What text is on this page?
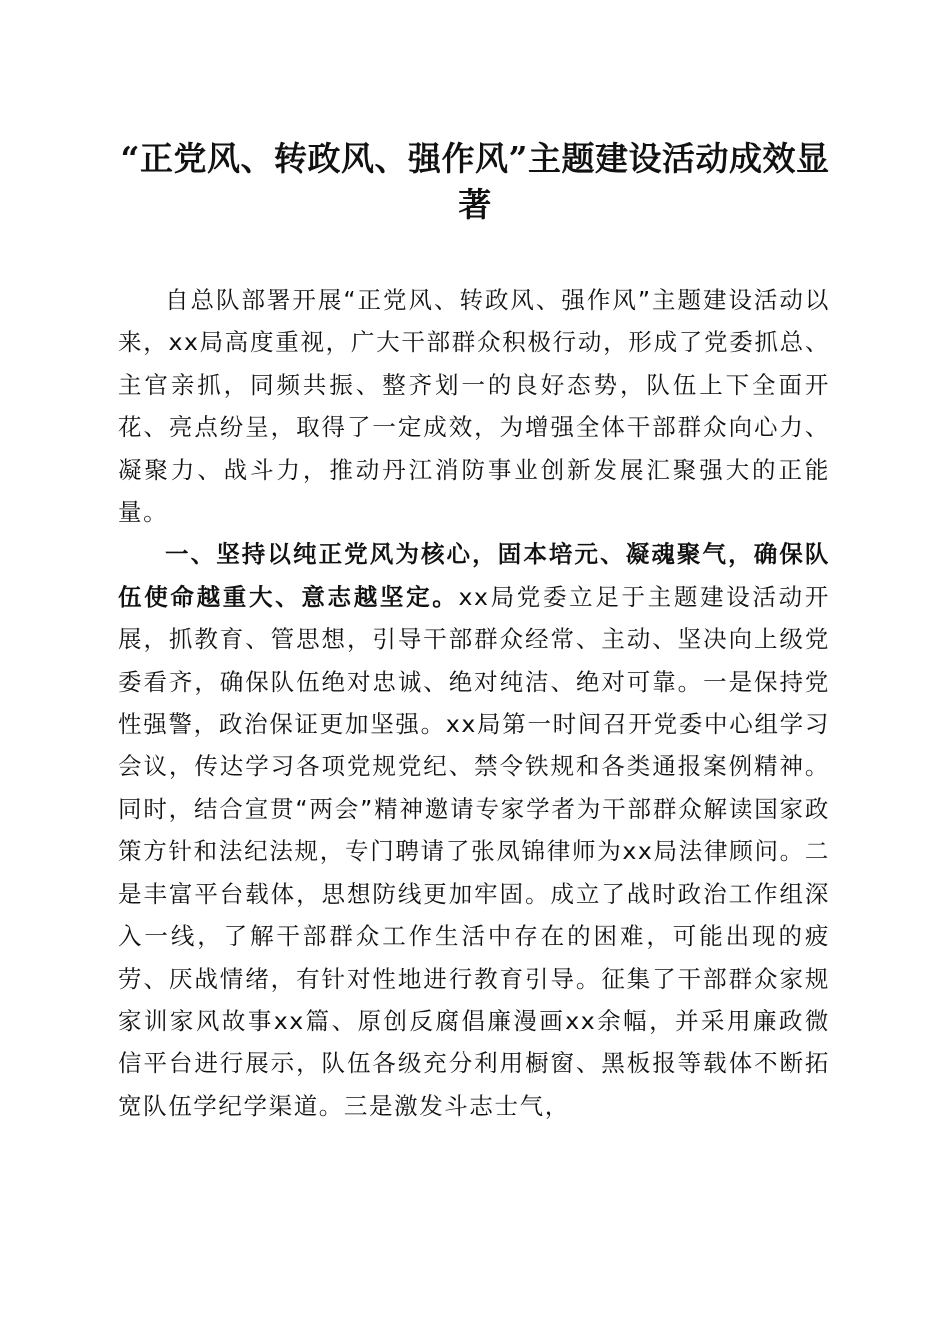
“正党风、转政风、强作风”主题建设活动成效显著

自总队部署开展“正党风、转政风、强作风”主题建设活动以来，xx局高度重视，广大干部群众积极行动，形成了党委抓总、主官亲抓，同频共振、整齐划一的良好态势，队伍上下全面开花、亮点纷呈，取得了一定成效，为增强全体干部群众向心力、凝聚力、战斗力，推动丹江消防事业创新发展汇聚强大的正能量。

一、坚持以纯正党风为核心，固本培元、凝魂聚气，确保队伍使命越重大、意志越坚定。xx局党委立足于主题建设活动开展，抓教育、管思想，引导干部群众经常、主动、坚决向上级党委看齐，确保队伍绝对忠诚、绝对纯洁、绝对可靠。一是保持党性强警，政治保证更加坚强。xx局第一时间召开党委中心组学习会议，传达学习各项党规党纪、禁令铁规和各类通报案例精神。同时，结合宣贯“两会”精神邀请专家学者为干部群众解读国家政策方针和法纪法规，专门聘请了张凤锦律师为xx局法律顾问。二是丰富平台载体，思想防线更加牢固。成立了战时政治工作组深入一线，了解干部群众工作生活中存在的困难，可能出现的疲劳、厌战情绪，有针对性地进行教育引导。征集了干部群众家规家训家风故事xx篇、原创反腐倡廉漫画xx余幅，并采用廉政微信平台进行展示，队伍各级充分利用橱窗、黑板报等载体不断拓宽队伍学纪学渠道。三是激发斗志士气，
